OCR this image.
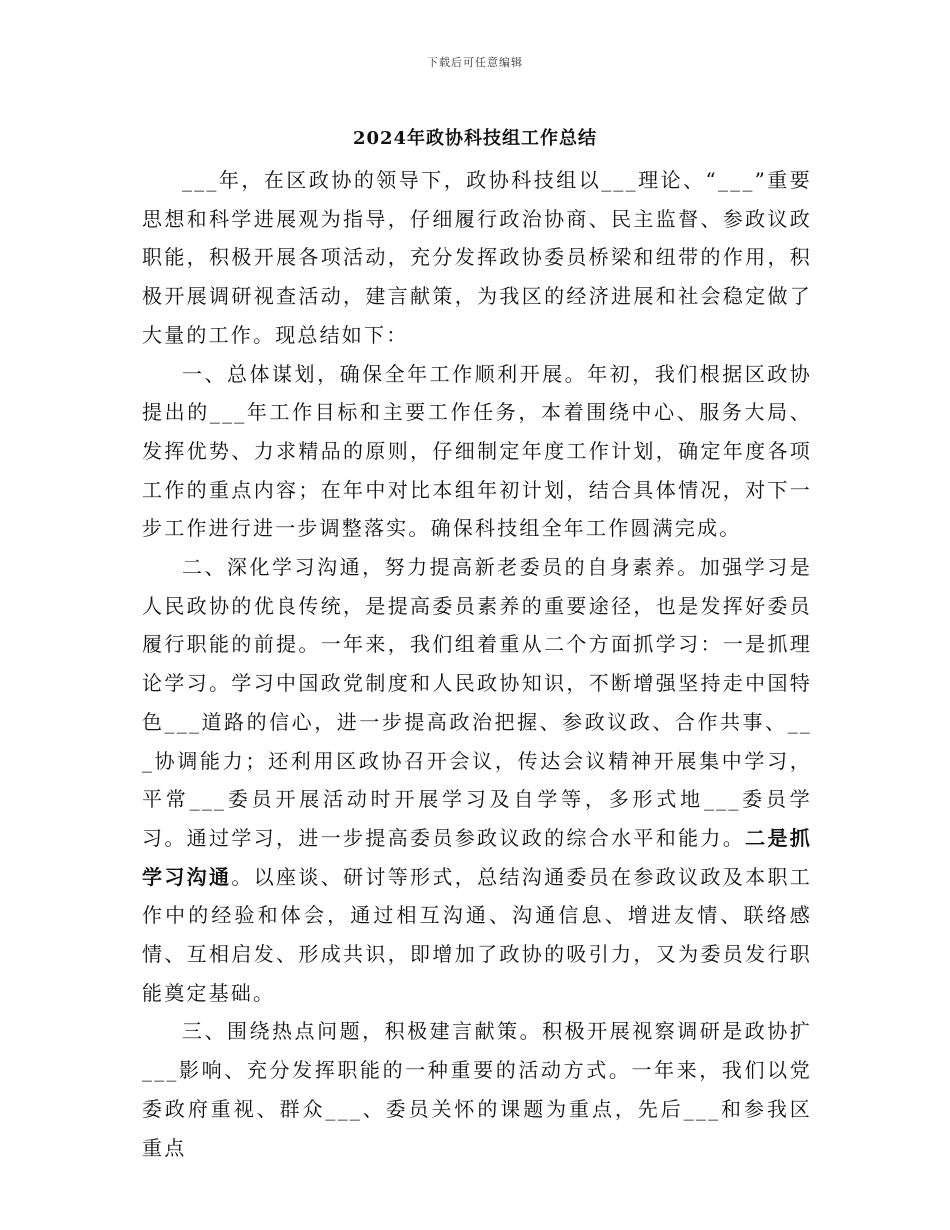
下载后可任意编辑
2024年政协科技组工作总结

___年，在区政协的领导下，政协科技组以___理论、“___”重要思想和科学进展观为指导，仔细履行政治协商、民主监督、参政议政职能，积极开展各项活动，充分发挥政协委员桥梁和纽带的作用，积极开展调研视查活动，建言献策，为我区的经济进展和社会稳定做了大量的工作。现总结如下：

一、总体谋划，确保全年工作顺利开展。年初，我们根据区政协提出的___年工作目标和主要工作任务，本着围绕中心、服务大局、发挥优势、力求精品的原则，仔细制定年度工作计划，确定年度各项工作的重点内容；在年中对比本组年初计划，结合具体情况，对下一步工作进行进一步调整落实。确保科技组全年工作圆满完成。

二、深化学习沟通，努力提高新老委员的自身素养。加强学习是人民政协的优良传统，是提高委员素养的重要途径，也是发挥好委员履行职能的前提。一年来，我们组着重从二个方面抓学习：一是抓理论学习。学习中国政党制度和人民政协知识，不断增强坚持走中国特色___道路的信心，进一步提高政治把握、参政议政、合作共事、___协调能力；还利用区政协召开会议，传达会议精神开展集中学习，平常___委员开展活动时开展学习及自学等，多形式地___委员学习。通过学习，进一步提高委员参政议政的综合水平和能力。二是抓学习沟通。以座谈、研讨等形式，总结沟通委员在参政议政及本职工作中的经验和体会，通过相互沟通、沟通信息、增进友情、联络感情、互相启发、形成共识，即增加了政协的吸引力，又为委员发行职能奠定基础。

三、围绕热点问题，积极建言献策。积极开展视察调研是政协扩___影响、充分发挥职能的一种重要的活动方式。一年来，我们以党委政府重视、群众___、委员关怀的课题为重点，先后___和参我区重点
